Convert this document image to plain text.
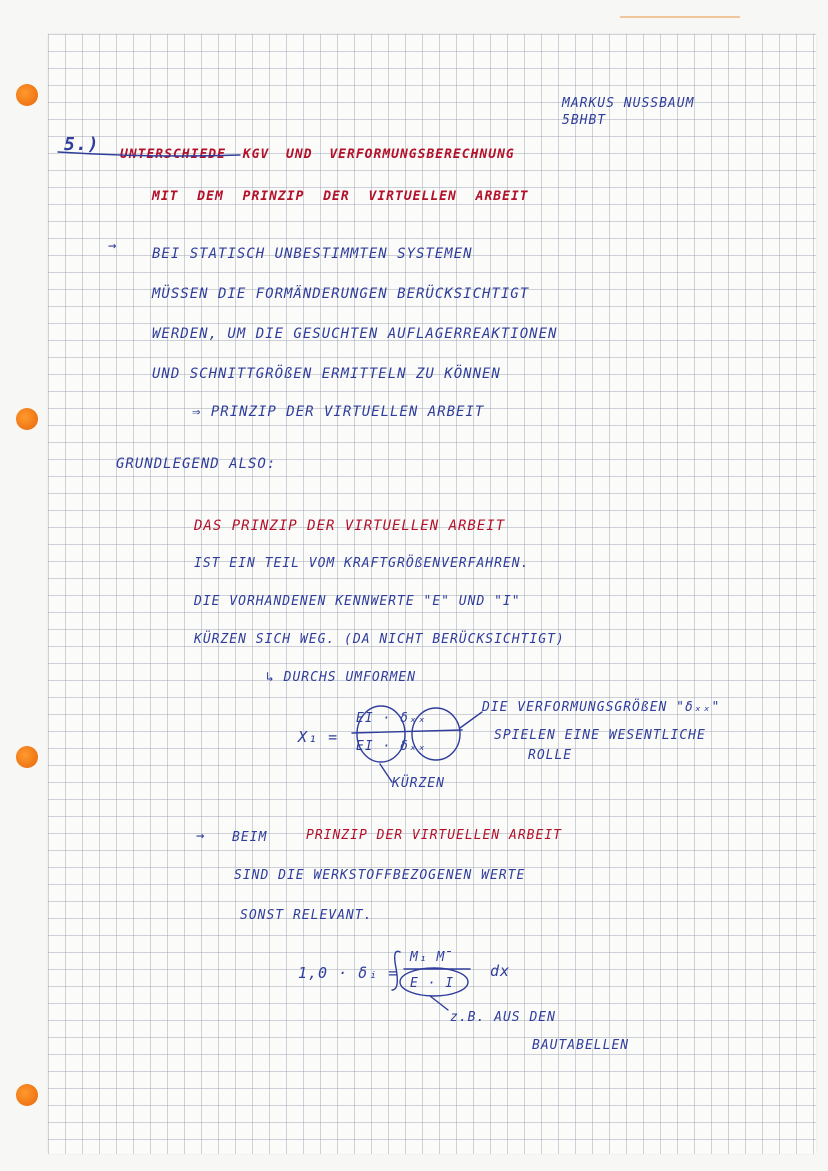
MARKUS NUSSBAUM
5BHBT
5.) UNTERSCHIEDE KGV UND VERFORMUNGSBERECHNUNG
MIT DEM PRINZIP DER VIRTUELLEN ARBEIT
→ BEI STATISCH UNBESTIMMTEN SYSTEMEN
MÜSSEN DIE FORMÄNDERUNGEN BERÜCKSICHTIGT
WERDEN, UM DIE GESUCHTEN AUFLAGERREAKTIONEN
UND SCHNITTGRÖßEN ERMITTELN ZU KÖNNEN
⇒ PRINZIP DER VIRTUELLEN ARBEIT
GRUNDLEGEND ALSO:
DAS PRINZIP DER VIRTUELLEN ARBEIT
IST EIN TEIL VOM KRAFTGRÖßENVERFAHREN.
DIE VORHANDENEN KENNWERTE "E" UND "I"
KÜRZEN SICH WEG. (DA NICHT BERÜCKSICHTIGT)
↳ DURCHS UMFORMEN
X₁ =
EI · δₓₓ
EI · δₓₓ
DIE VERFORMUNGSGRÖßEN "δₓₓ"
SPIELEN EINE WESENTLICHE
ROLLE
KÜRZEN
→ BEIM	PRINZIP DER VIRTUELLEN ARBEIT
SIND DIE WERKSTOFFBEZOGENEN WERTE
SONST RELEVANT.
1,0 · δᵢ =
M₁ M̄
E · I
dx
z.B. AUS DEN
BAUTABELLEN
